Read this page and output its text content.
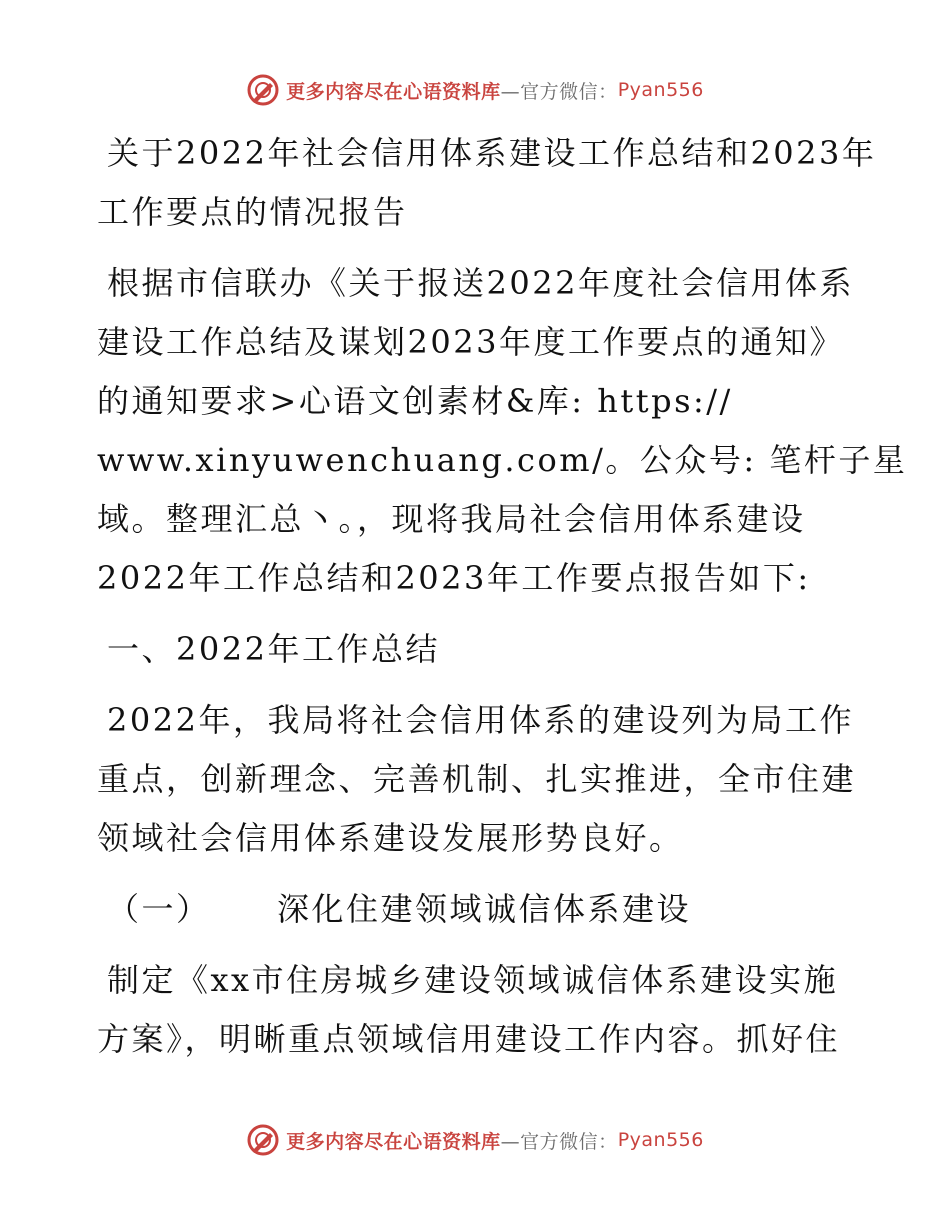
更多内容尽在心语资料库 —官方微信： Pyan556

关于2022年社会信用体系建设工作总结和2023年
工作要点的情况报告

根据市信联办《关于报送2022年度社会信用体系
建设工作总结及谋划2023年度工作要点的通知》
的通知要求>心语文创素材&库: https://
www.xinyuwenchuang.com/。公众号: 笔杆子星
域。整理汇总丶。，现将我局社会信用体系建设
2022年工作总结和2023年工作要点报告如下:

一、2022年工作总结

2022年，我局将社会信用体系的建设列为局工作
重点，创新理念、完善机制、扎实推进，全市住建
领域社会信用体系建设发展形势良好。

（一） 深化住建领域诚信体系建设

制定《xx市住房城乡建设领域诚信体系建设实施
方案》，明晰重点领域信用建设工作内容。抓好住

更多内容尽在心语资料库 —官方微信： Pyan556
